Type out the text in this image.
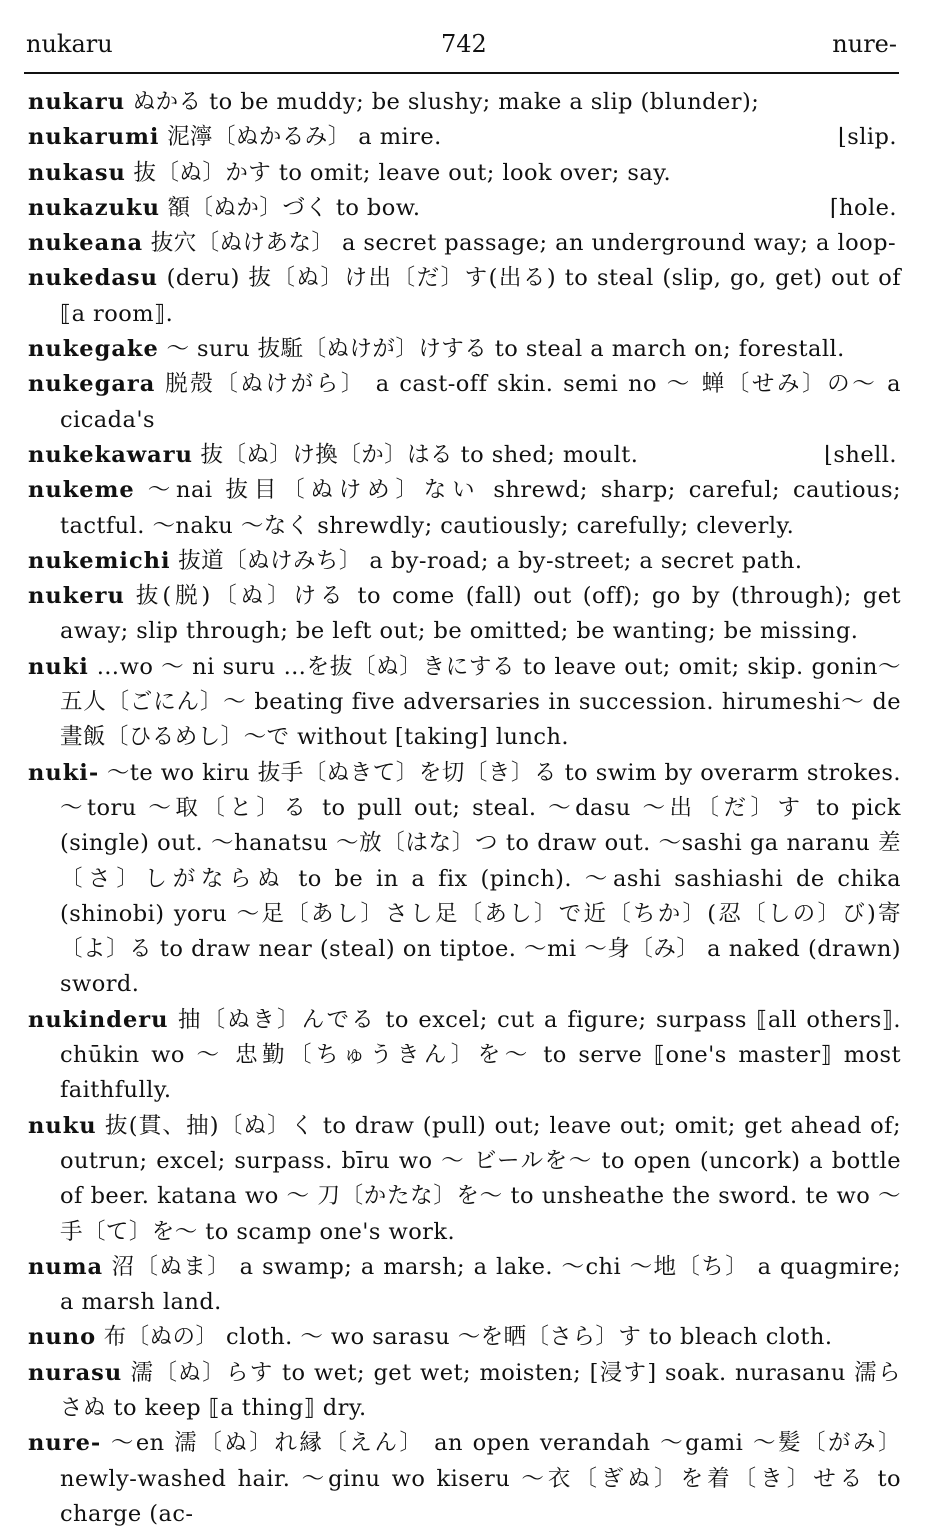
nukaru	742	nure-
nukaru ぬかる to be muddy; be slushy; make a slip (blunder);
nukarumi 泥濘〔ぬかるみ〕 a mire.	⌊slip.
nukasu 抜〔ぬ〕かす to omit; leave out; look over; say.
nukazuku 額〔ぬか〕づく to bow.	⌈hole.
nukeana 抜穴〔ぬけあな〕 a secret passage; an underground way; a loop-
nukedasu (deru) 抜〔ぬ〕け出〔だ〕す(出る) to steal (slip, go, get) out of ⟦a room⟧.
nukegake ～ suru 抜駈〔ぬけが〕けする to steal a march on; forestall.
nukegara 脱殻〔ぬけがら〕 a cast-off skin. semi no ～ 蝉〔せみ〕の～ a cicada's
nukekawaru 抜〔ぬ〕け換〔か〕はる to shed; moult.	⌊shell.
nukeme ～nai 抜目〔ぬけめ〕ない shrewd; sharp; careful; cautious; tactful. ～naku ～なく shrewdly; cautiously; carefully; cleverly.
nukemichi 抜道〔ぬけみち〕 a by-road; a by-street; a secret path.
nukeru 抜(脱)〔ぬ〕ける to come (fall) out (off); go by (through); get away; slip through; be left out; be omitted; be wanting; be missing.
nuki …wo ～ ni suru …を抜〔ぬ〕きにする to leave out; omit; skip. gonin～ 五人〔ごにん〕～ beating five adversaries in succession. hirumeshi～ de 晝飯〔ひるめし〕～で without [taking] lunch.
nuki- ～te wo kiru 抜手〔ぬきて〕を切〔き〕る to swim by overarm strokes. ～toru ～取〔と〕る to pull out; steal. ～dasu ～出〔だ〕す to pick (single) out. ～hanatsu ～放〔はな〕つ to draw out. ～sashi ga naranu 差〔さ〕しがならぬ to be in a fix (pinch). ～ashi sashiashi de chika (shinobi) yoru ～足〔あし〕さし足〔あし〕で近〔ちか〕(忍〔しの〕び)寄〔よ〕る to draw near (steal) on tiptoe. ～mi ～身〔み〕 a naked (drawn) sword.
nukinderu 抽〔ぬき〕んでる to excel; cut a figure; surpass ⟦all others⟧. chūkin wo ～ 忠勤〔ちゅうきん〕を～ to serve ⟦one's master⟧ most faithfully.
nuku 抜(貫、抽)〔ぬ〕く to draw (pull) out; leave out; omit; get ahead of; outrun; excel; surpass. bīru wo ～ ビールを～ to open (uncork) a bottle of beer. katana wo ～ 刀〔かたな〕を～ to unsheathe the sword. te wo ～ 手〔て〕を～ to scamp one's work.
numa 沼〔ぬま〕 a swamp; a marsh; a lake. ～chi ～地〔ち〕 a quagmire; a marsh land.
nuno 布〔ぬの〕 cloth. ～ wo sarasu ～を晒〔さら〕す to bleach cloth.
nurasu 濡〔ぬ〕らす to wet; get wet; moisten; [浸す] soak. nurasanu 濡らさぬ to keep ⟦a thing⟧ dry.
nure- ～en 濡〔ぬ〕れ縁〔えん〕 an open verandah ～gami ～髪〔がみ〕 newly-washed hair. ～ginu wo kiseru ～衣〔ぎぬ〕を着〔き〕せる to charge (ac-
